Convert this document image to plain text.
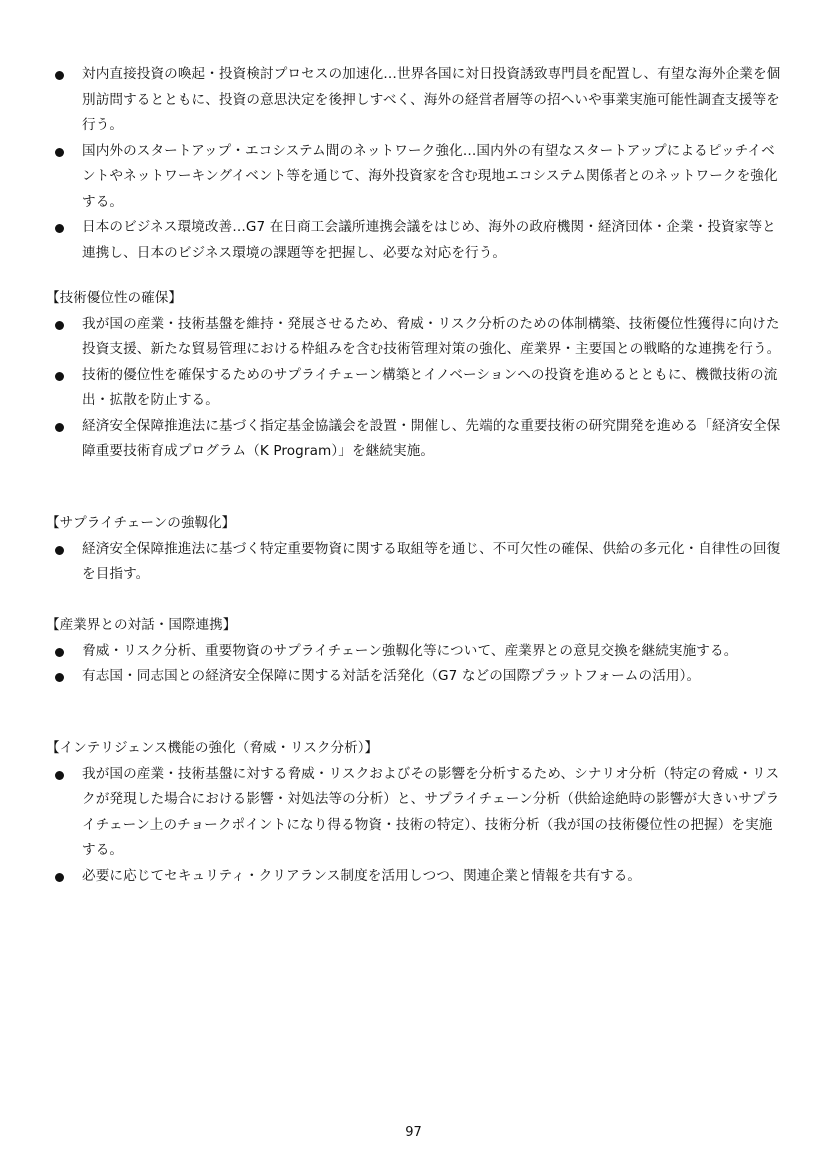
対内直接投資の喚起・投資検討プロセスの加速化…世界各国に対日投資誘致専門員を配置し、有望な海外企業を個別訪問するとともに、投資の意思決定を後押しすべく、海外の経営者層等の招へいや事業実施可能性調査支援等を行う。
国内外のスタートアップ・エコシステム間のネットワーク強化…国内外の有望なスタートアップによるピッチイベントやネットワーキングイベント等を通じて、海外投資家を含む現地エコシステム関係者とのネットワークを強化する。
日本のビジネス環境改善…G7 在日商工会議所連携会議をはじめ、海外の政府機関・経済団体・企業・投資家等と連携し、日本のビジネス環境の課題等を把握し、必要な対応を行う。

【技術優位性の確保】

我が国の産業・技術基盤を維持・発展させるため、脅威・リスク分析のための体制構築、技術優位性獲得に向けた投資支援、新たな貿易管理における枠組みを含む技術管理対策の強化、産業界・主要国との戦略的な連携を行う。
技術的優位性を確保するためのサプライチェーン構築とイノベーションへの投資を進めるとともに、機微技術の流出・拡散を防止する。
経済安全保障推進法に基づく指定基金協議会を設置・開催し、先端的な重要技術の研究開発を進める「経済安全保障重要技術育成プログラム（K Program）」を継続実施。

【サプライチェーンの強靱化】

経済安全保障推進法に基づく特定重要物資に関する取組等を通じ、不可欠性の確保、供給の多元化・自律性の回復を目指す。

【産業界との対話・国際連携】

脅威・リスク分析、重要物資のサプライチェーン強靱化等について、産業界との意見交換を継続実施する。
有志国・同志国との経済安全保障に関する対話を活発化（G7 などの国際プラットフォームの活用）。

【インテリジェンス機能の強化（脅威・リスク分析）】

我が国の産業・技術基盤に対する脅威・リスクおよびその影響を分析するため、シナリオ分析（特定の脅威・リスクが発現した場合における影響・対処法等の分析）と、サプライチェーン分析（供給途絶時の影響が大きいサプライチェーン上のチョークポイントになり得る物資・技術の特定）、技術分析（我が国の技術優位性の把握）を実施する。
必要に応じてセキュリティ・クリアランス制度を活用しつつ、関連企業と情報を共有する。
97
